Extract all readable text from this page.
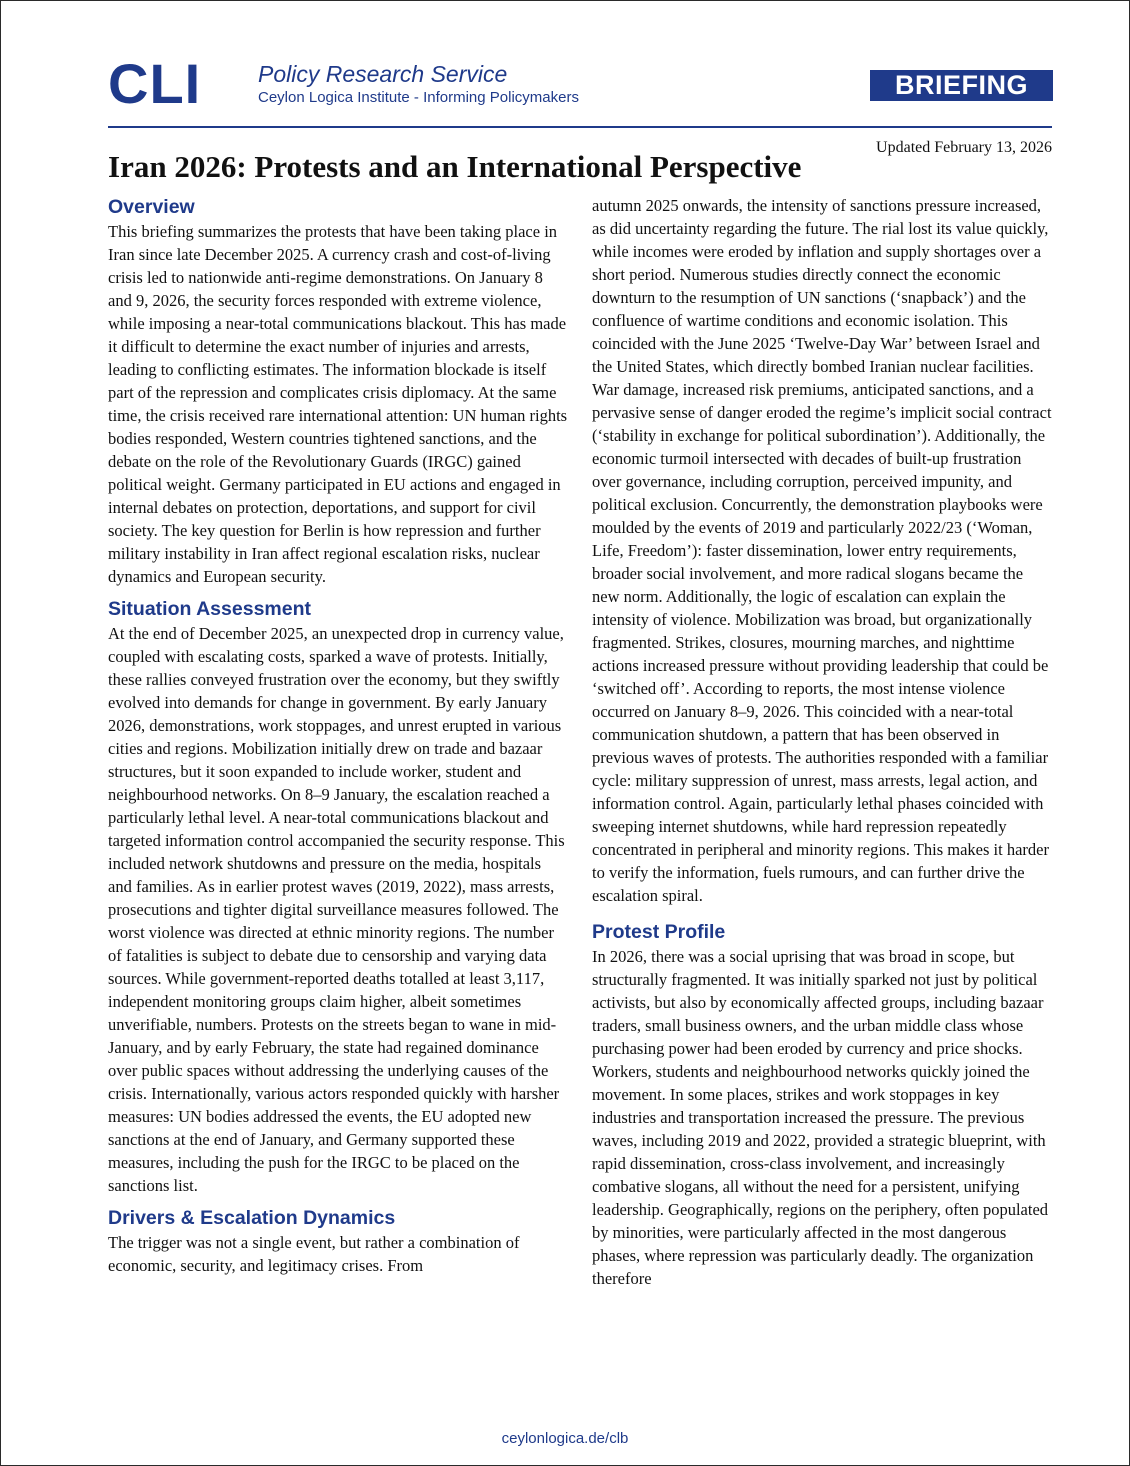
CLI Policy Research Service
Ceylon Logica Institute - Informing Policymakers	BRIEFING
Updated February 13, 2026
Iran 2026: Protests and an International Perspective
Overview

This briefing summarizes the protests that have been taking place in Iran since late December 2025. A currency crash and cost-of-living crisis led to nationwide anti-regime demonstrations. On January 8 and 9, 2026, the security forces responded with extreme violence, while imposing a near-total communications blackout. This has made it difficult to determine the exact number of injuries and arrests, leading to conflicting estimates. The information blockade is itself part of the repression and complicates crisis diplomacy. At the same time, the crisis received rare international attention: UN human rights bodies responded, Western countries tightened sanctions, and the debate on the role of the Revolutionary Guards (IRGC) gained political weight. Germany participated in EU actions and engaged in internal debates on protection, deportations, and support for civil society. The key question for Berlin is how repression and further military instability in Iran affect regional escalation risks, nuclear dynamics and European security.

Situation Assessment

At the end of December 2025, an unexpected drop in currency value, coupled with escalating costs, sparked a wave of protests. Initially, these rallies conveyed frustration over the economy, but they swiftly evolved into demands for change in government. By early January 2026, demonstrations, work stoppages, and unrest erupted in various cities and regions. Mobilization initially drew on trade and bazaar structures, but it soon expanded to include worker, student and neighbourhood networks. On 8–9 January, the escalation reached a particularly lethal level. A near-total communications blackout and targeted information control accompanied the security response. This included network shutdowns and pressure on the media, hospitals and families. As in earlier protest waves (2019, 2022), mass arrests, prosecutions and tighter digital surveillance measures followed. The worst violence was directed at ethnic minority regions. The number of fatalities is subject to debate due to censorship and varying data sources. While government-reported deaths totalled at least 3,117, independent monitoring groups claim higher, albeit sometimes unverifiable, numbers. Protests on the streets began to wane in mid-January, and by early February, the state had regained dominance over public spaces without addressing the underlying causes of the crisis. Internationally, various actors responded quickly with harsher measures: UN bodies addressed the events, the EU adopted new sanctions at the end of January, and Germany supported these measures, including the push for the IRGC to be placed on the sanctions list.

Drivers & Escalation Dynamics

The trigger was not a single event, but rather a combination of economic, security, and legitimacy crises. From

autumn 2025 onwards, the intensity of sanctions pressure increased, as did uncertainty regarding the future. The rial lost its value quickly, while incomes were eroded by inflation and supply shortages over a short period. Numerous studies directly connect the economic downturn to the resumption of UN sanctions (‘snapback’) and the confluence of wartime conditions and economic isolation. This coincided with the June 2025 ‘Twelve-Day War’ between Israel and the United States, which directly bombed Iranian nuclear facilities. War damage, increased risk premiums, anticipated sanctions, and a pervasive sense of danger eroded the regime’s implicit social contract (‘stability in exchange for political subordination’). Additionally, the economic turmoil intersected with decades of built-up frustration over governance, including corruption, perceived impunity, and political exclusion. Concurrently, the demonstration playbooks were moulded by the events of 2019 and particularly 2022/23 (‘Woman, Life, Freedom’): faster dissemination, lower entry requirements, broader social involvement, and more radical slogans became the new norm. Additionally, the logic of escalation can explain the intensity of violence. Mobilization was broad, but organizationally fragmented. Strikes, closures, mourning marches, and nighttime actions increased pressure without providing leadership that could be ‘switched off’. According to reports, the most intense violence occurred on January 8–9, 2026. This coincided with a near-total communication shutdown, a pattern that has been observed in previous waves of protests. The authorities responded with a familiar cycle: military suppression of unrest, mass arrests, legal action, and information control. Again, particularly lethal phases coincided with sweeping internet shutdowns, while hard repression repeatedly concentrated in peripheral and minority regions. This makes it harder to verify the information, fuels rumours, and can further drive the escalation spiral.

Protest Profile

In 2026, there was a social uprising that was broad in scope, but structurally fragmented. It was initially sparked not just by political activists, but also by economically affected groups, including bazaar traders, small business owners, and the urban middle class whose purchasing power had been eroded by currency and price shocks. Workers, students and neighbourhood networks quickly joined the movement. In some places, strikes and work stoppages in key industries and transportation increased the pressure. The previous waves, including 2019 and 2022, provided a strategic blueprint, with rapid dissemination, cross-class involvement, and increasingly combative slogans, all without the need for a persistent, unifying leadership. Geographically, regions on the periphery, often populated by minorities, were particularly affected in the most dangerous phases, where repression was particularly deadly. The organization therefore

ceylonlogica.de/clb
